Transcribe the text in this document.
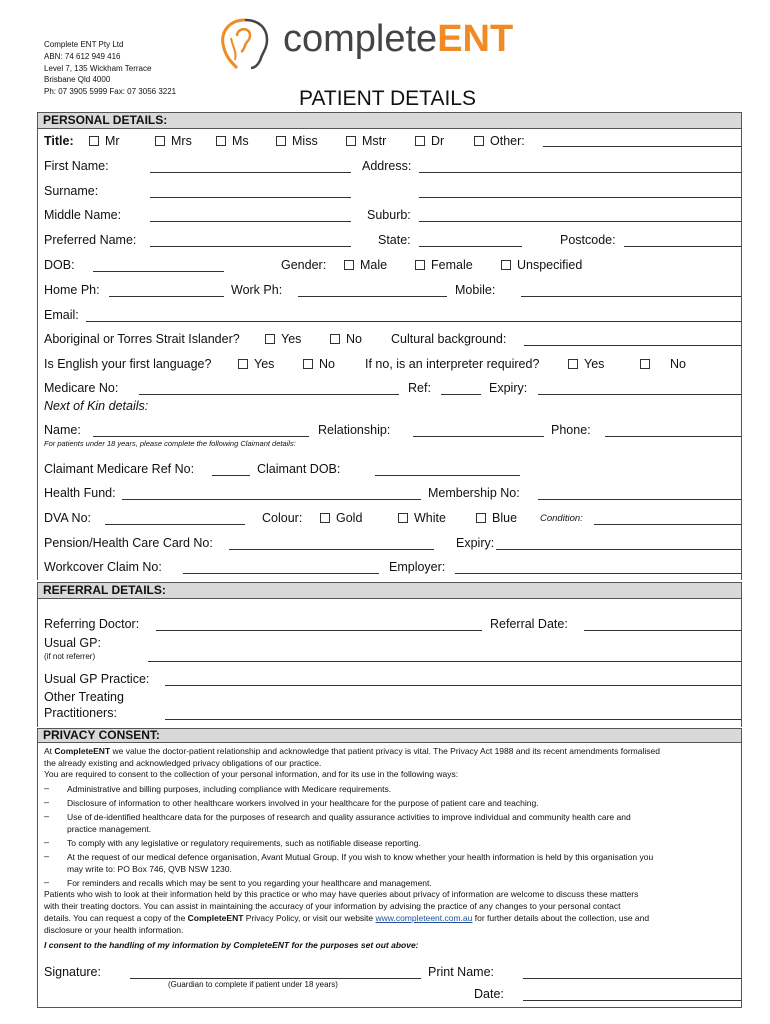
Complete ENT Pty Ltd
ABN: 74 612 949 416
Level 7, 135 Wickham Terrace
Brisbane Qld 4000
Ph: 07 3905 5999 Fax: 07 3056 3221
completeENT
PATIENT DETAILS
PERSONAL DETAILS:
Title:	Mr	Mrs	Ms	Miss	Mstr	Dr	Other:
First Name:	Address:
Surname:
Middle Name:	Suburb:
Preferred Name:	State:	Postcode:
DOB:	Gender:	Male	Female	Unspecified
Home Ph:	Work Ph:	Mobile:
Email:
Aboriginal or Torres Strait Islander?	Yes	No Cultural background:
Is English your first language?	Yes	No If no, is an interpreter required?	Yes	No
Medicare No:	Ref:	Expiry:
Next of Kin details:
Name:	Relationship:	Phone:
For patients under 18 years, please complete the following Claimant details:
Claimant Medicare Ref No:	Claimant DOB:
Health Fund:	Membership No:
DVA No:	Colour:	Gold	White	Blue Condition:
Pension/Health Care Card No:	Expiry:
Workcover Claim No:	Employer:
REFERRAL DETAILS:
Referring Doctor:	Referral Date:
Usual GP:
(if not referrer)
Usual GP Practice:
Other Treating
Practitioners:
PRIVACY CONSENT:
At CompleteENT we value the doctor-patient relationship and acknowledge that patient privacy is vital. The Privacy Act 1988 and its recent amendments formalised
the already existing and acknowledged privacy obligations of our practice.
You are required to consent to the collection of your personal information, and for its use in the following ways:
– Administrative and billing purposes, including compliance with Medicare requirements.
– Disclosure of information to other healthcare workers involved in your healthcare for the purpose of patient care and teaching.
– Use of de-identified healthcare data for the purposes of research and quality assurance activities to improve individual and community health care and
practice management.
– To comply with any legislative or regulatory requirements, such as notifiable disease reporting.
– At the request of our medical defence organisation, Avant Mutual Group. If you wish to know whether your health information is held by this organisation you
may write to: PO Box 746, QVB NSW 1230.
– For reminders and recalls which may be sent to you regarding your healthcare and management.
Patients who wish to look at their information held by this practice or who may have queries about privacy of information are welcome to discuss these matters
with their treating doctors. You can assist in maintaining the accuracy of your information by advising the practice of any changes to your personal contact
details. You can request a copy of the CompleteENT Privacy Policy, or visit our website www.completeent.com.au for further details about the collection, use and
disclosure or your health information.
I consent to the handling of my information by CompleteENT for the purposes set out above:
Signature:
(Guardian to complete if patient under 18 years)
Print Name:
Date:
